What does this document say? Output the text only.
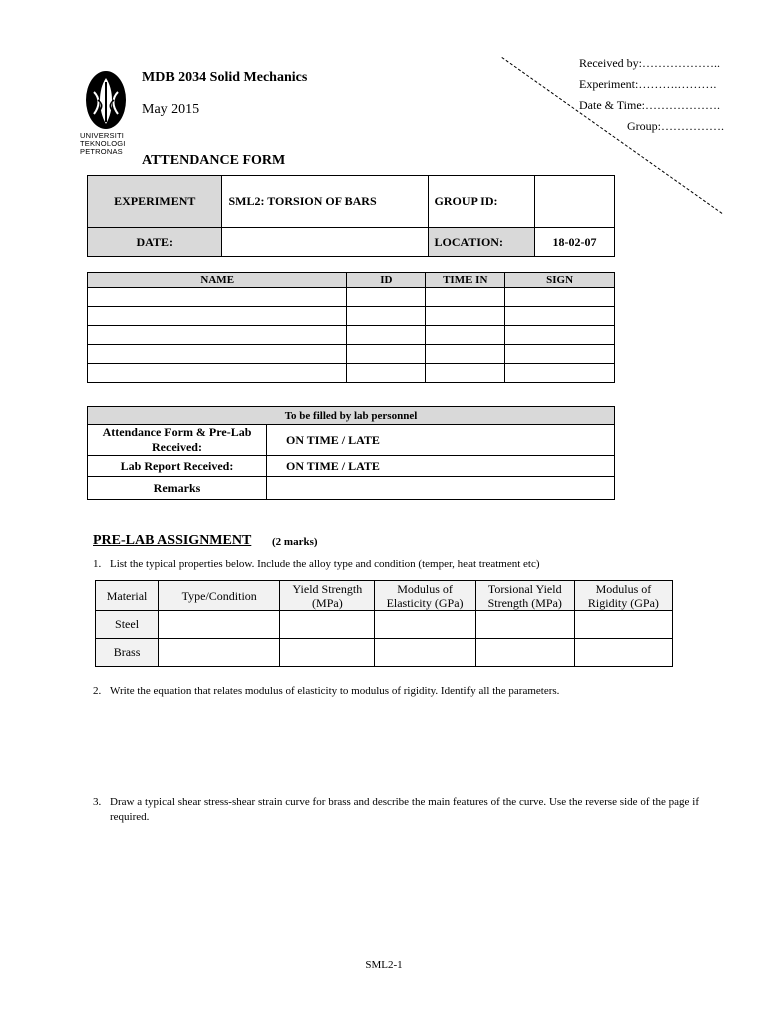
UNIVERSITI
TEKNOLOGI
PETRONAS
MDB 2034 Solid Mechanics
May 2015
ATTENDANCE FORM
Received by:………………..
Experiment:……….……….
Date & Time:……………….
Group:…………….
EXPERIMENT	SML2: TORSION OF BARS	GROUP ID:	
DATE:		LOCATION:	18-02-07
NAME	ID	TIME IN	SIGN

To be filled by lab personnel	
Attendance Form & Pre-Lab Received:	ON TIME / LATE
Lab Report Received:	ON TIME / LATE
Remarks	
PRE-LAB ASSIGNMENT (2 marks)
1. List the typical properties below. Include the alloy type and condition (temper, heat treatment etc)
Material	Type/Condition	Yield Strength (MPa)	Modulus of Elasticity (GPa)	Torsional Yield Strength (MPa)	Modulus of Rigidity (GPa)
Steel					
Brass					
2. Write the equation that relates modulus of elasticity to modulus of rigidity. Identify all the parameters.
3. Draw a typical shear stress-shear strain curve for brass and describe the main features of the curve. Use the reverse side of the page if required.
SML2-1
